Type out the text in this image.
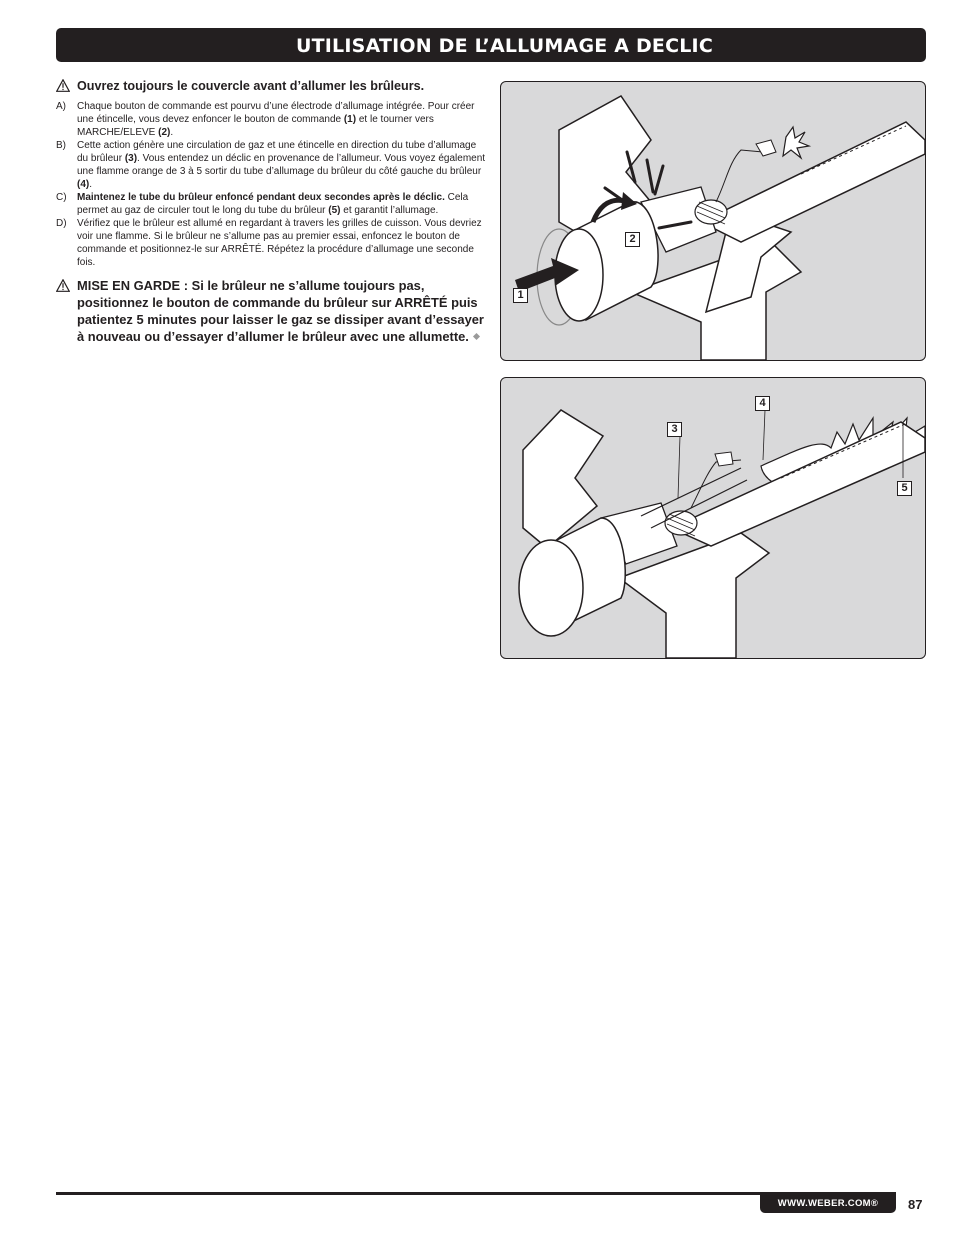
UTILISATION DE L’ALLUMAGE A DECLIC
Ouvrez toujours le couvercle avant d’allumer les brûleurs.
A)	Chaque bouton de commande est pourvu d’une électrode d’allumage intégrée. Pour créer une étincelle, vous devez enfoncer le bouton de commande (1) et le tourner vers MARCHE/ELEVE (2).
B)	Cette action génère une circulation de gaz et une étincelle en direction du tube d’allumage du brûleur (3). Vous entendez un déclic en provenance de l’allumeur. Vous voyez également une flamme orange de 3 à 5 sortir du tube d’allumage du brûleur du côté gauche du brûleur (4).
C)	Maintenez le tube du brûleur enfoncé pendant deux secondes après le déclic. Cela permet au gaz de circuler tout le long du tube du brûleur (5) et garantit l’allumage.
D)	Vérifiez que le brûleur est allumé en regardant à travers les grilles de cuisson. Vous devriez voir une flamme. Si le brûleur ne s’allume pas au premier essai, enfoncez le bouton de commande et positionnez-le sur ARRÊTÉ. Répétez la procédure d’allumage une seconde fois.
MISE EN GARDE : Si le brûleur ne s’allume toujours pas, positionnez le bouton de commande du brûleur sur ARRÊTÉ puis patientez 5 minutes pour laisser le gaz se dissiper avant d’essayer à nouveau ou d’essayer d’allumer le brûleur avec une allumette.
2
1
4
3
5
WWW.WEBER.COM®	87
